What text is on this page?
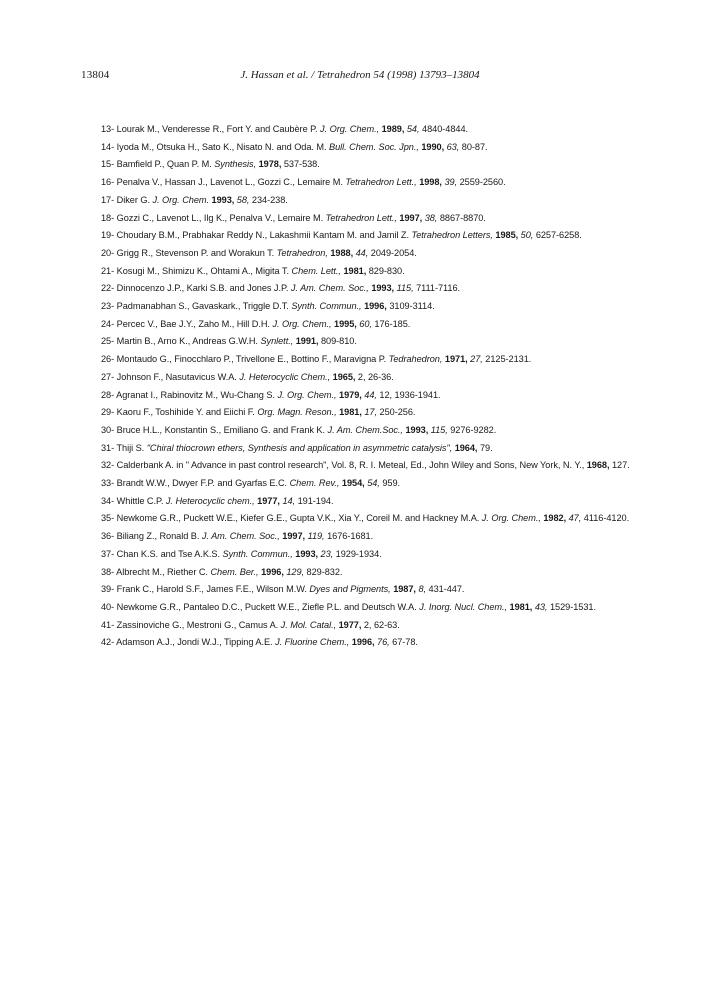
13804	J. Hassan et al. / Tetrahedron 54 (1998) 13793–13804
13- Lourak M., Venderesse R., Fort Y. and Caubère P. J. Org. Chem., 1989, 54, 4840-4844.
14- Iyoda M., Otsuka H., Sato K., Nisato N. and Oda. M. Bull. Chem. Soc. Jpn., 1990, 63, 80-87.
15- Bamfield P., Quan P. M. Synthesis, 1978, 537-538.
16- Penalva V., Hassan J., Lavenot L., Gozzi C., Lemaire M. Tetrahedron Lett., 1998, 39, 2559-2560.
17- Diker G. J. Org. Chem. 1993, 58, 234-238.
18- Gozzi C., Lavenot L., Ilg K., Penalva V., Lemaire M. Tetrahedron Lett., 1997, 38, 8867-8870.
19- Choudary B.M., Prabhakar Reddy N., Lakashmii Kantam M. and Jamil Z. Tetrahedron Letters, 1985, 50, 6257-6258.
20- Grigg R., Stevenson P. and Worakun T. Tetrahedron, 1988, 44, 2049-2054.
21- Kosugi M., Shimizu K., Ohtami A., Migita T. Chem. Lett., 1981, 829-830.
22- Dinnocenzo J.P., Karki S.B. and Jones J.P. J. Am. Chem. Soc., 1993, 115, 7111-7116.
23- Padmanabhan S., Gavaskark., Triggle D.T. Synth. Commun., 1996, 3109-3114.
24- Percec V., Bae J.Y., Zaho M., Hill D.H. J. Org. Chem., 1995, 60, 176-185.
25- Martin B., Arno K., Andreas G.W.H. Synlett., 1991, 809-810.
26- Montaudo G., Finocchlaro P., Trivellone E., Bottino F., Maravigna P. Tedrahedron, 1971, 27, 2125-2131.
27- Johnson F., Nasutavicus W.A. J. Heterocyclic Chem., 1965, 2, 26-36.
28- Agranat I., Rabinovitz M., Wu-Chang S. J. Org. Chem., 1979, 44, 12, 1936-1941.
29- Kaoru F., Toshihide Y. and Eiichi F. Org. Magn. Reson., 1981, 17, 250-256.
30- Bruce H.L., Konstantin S., Emiliano G. and Frank K. J. Am. Chem.Soc., 1993, 115, 9276-9282.
31- Thiji S. "Chiral thiocrown ethers, Synthesis and application in asymmetric catalysis", 1964, 79.
32- Calderbank A. in " Advance in past control research", Vol. 8, R. I. Meteal, Ed., John Wiley and Sons, New York, N. Y., 1968, 127.
33- Brandt W.W., Dwyer F.P. and Gyarfas E.C. Chem. Rev., 1954, 54, 959.
34- Whittle C.P. J. Heterocyclic chem., 1977, 14, 191-194.
35- Newkome G.R., Puckett W.E., Kiefer G.E., Gupta V.K., Xia Y., Coreil M. and Hackney M.A. J. Org. Chem., 1982, 47, 4116-4120.
36- Biliang Z., Ronald B. J. Am. Chem. Soc., 1997, 119, 1676-1681.
37- Chan K.S. and Tse A.K.S. Synth. Commun., 1993, 23, 1929-1934.
38- Albrecht M., Riether C. Chem. Ber., 1996, 129, 829-832.
39- Frank C., Harold S.F., James F.E., Wilson M.W. Dyes and Pigments, 1987, 8, 431-447.
40- Newkome G.R., Pantaleo D.C., Puckett W.E., Ziefle P.L. and Deutsch W.A. J. Inorg. Nucl. Chem., 1981, 43, 1529-1531.
41- Zassinoviche G., Mestroni G., Camus A. J. Mol. Catal., 1977, 2, 62-63.
42- Adamson A.J., Jondi W.J., Tipping A.E. J. Fluorine Chem., 1996, 76, 67-78.
